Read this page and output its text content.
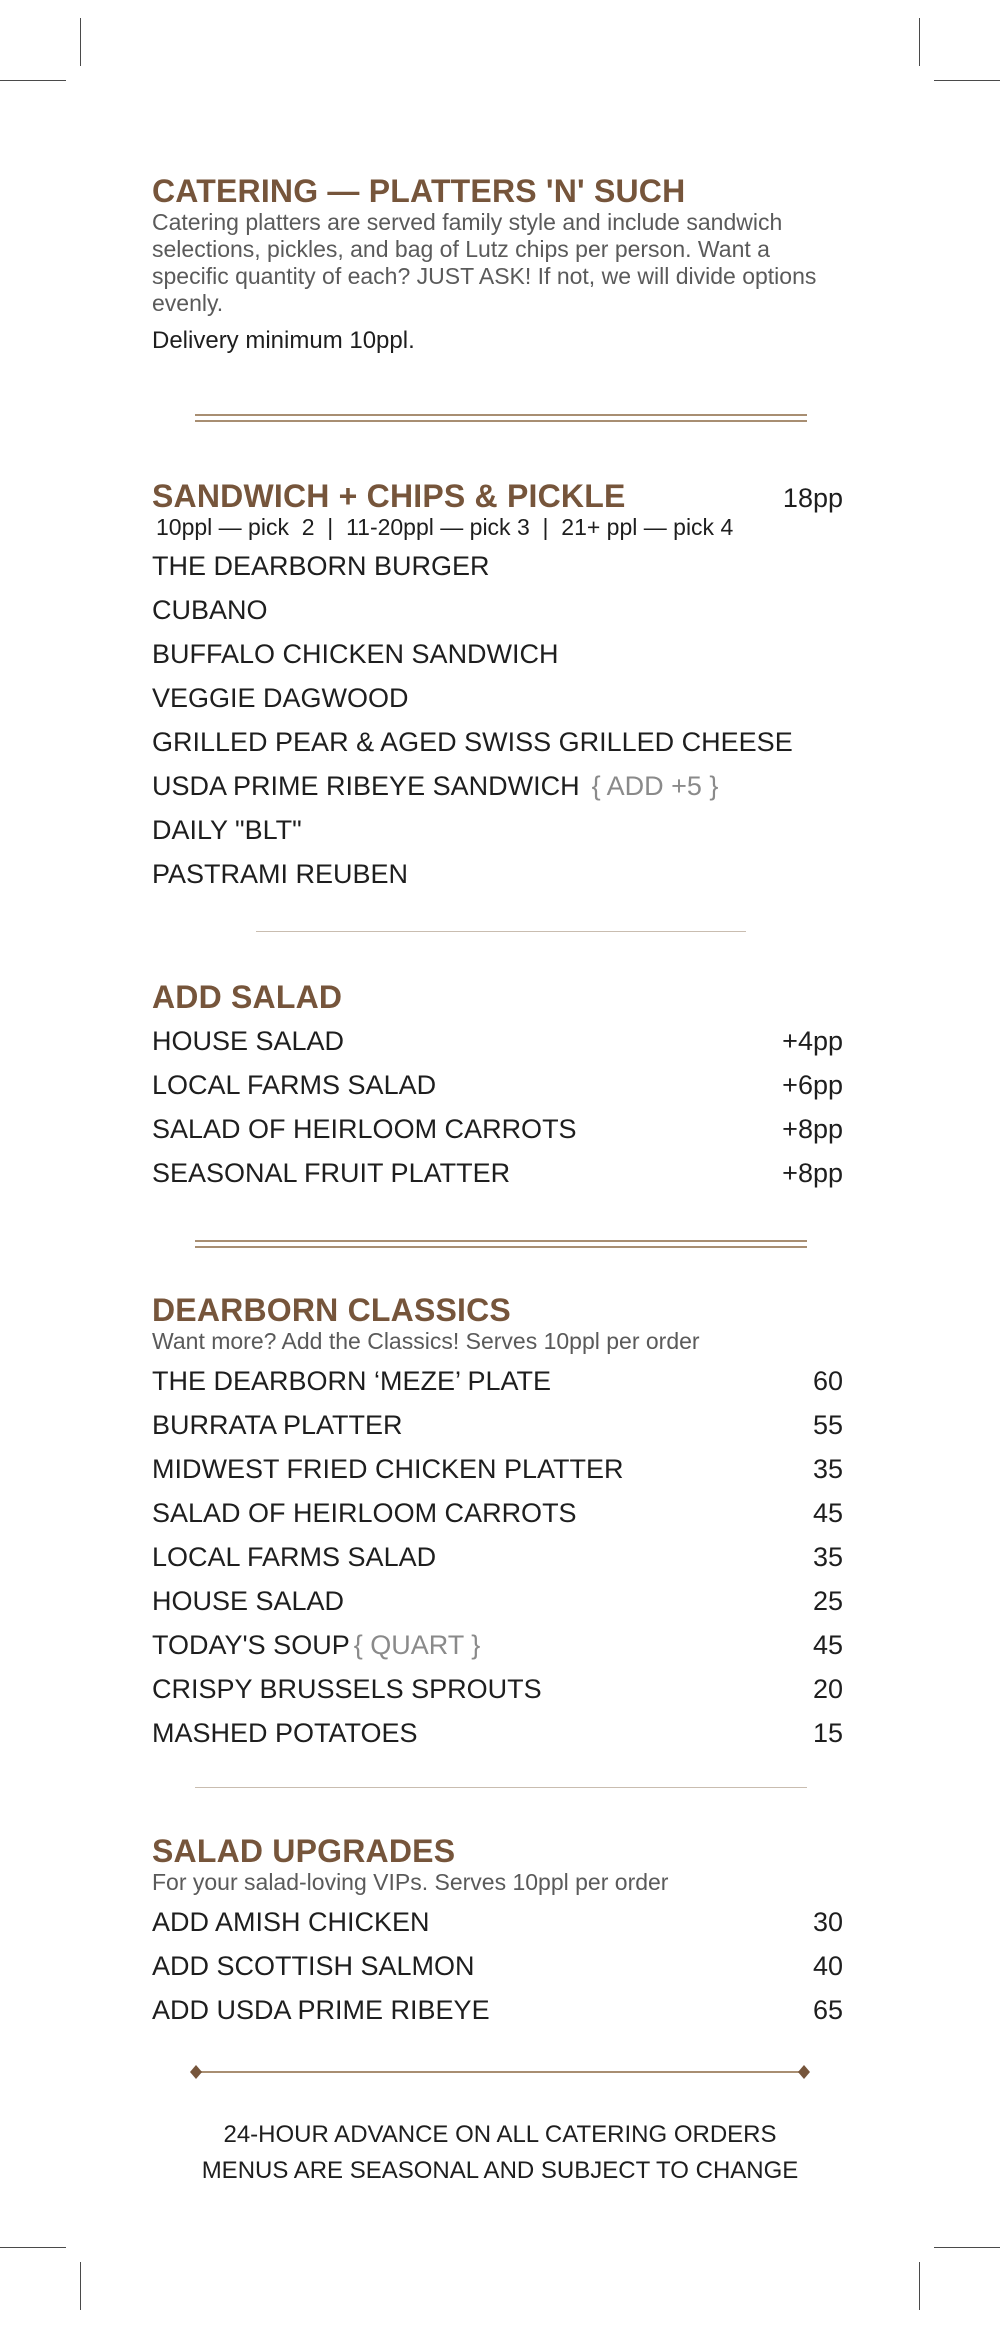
CATERING — PLATTERS 'N' SUCH
Catering platters are served family style and include sandwich selections, pickles, and bag of Lutz chips per person. Want a specific quantity of each? JUST ASK! If not, we will divide options evenly.
Delivery minimum 10ppl.
SANDWICH + CHIPS & PICKLE	18pp
10ppl — pick  2  |  11-20ppl — pick 3  |  21+ ppl — pick 4
THE DEARBORN BURGER
CUBANO
BUFFALO CHICKEN SANDWICH
VEGGIE DAGWOOD
GRILLED PEAR & AGED SWISS GRILLED CHEESE
USDA PRIME RIBEYE SANDWICH { ADD +5 }
DAILY "BLT"
PASTRAMI REUBEN
ADD SALAD
HOUSE SALAD	+4pp
LOCAL FARMS SALAD	+6pp
SALAD OF HEIRLOOM CARROTS	+8pp
SEASONAL FRUIT PLATTER	+8pp
DEARBORN CLASSICS
Want more? Add the Classics! Serves 10ppl per order
THE DEARBORN ‘MEZE’ PLATE	60
BURRATA PLATTER	55
MIDWEST FRIED CHICKEN PLATTER	35
SALAD OF HEIRLOOM CARROTS	45
LOCAL FARMS SALAD	35
HOUSE SALAD	25
TODAY'S SOUP { QUART }	45
CRISPY BRUSSELS SPROUTS	20
MASHED POTATOES	15
SALAD UPGRADES
For your salad-loving VIPs. Serves 10ppl per order
ADD AMISH CHICKEN	30
ADD SCOTTISH SALMON	40
ADD USDA PRIME RIBEYE	65
24-HOUR ADVANCE ON ALL CATERING ORDERS
MENUS ARE SEASONAL AND SUBJECT TO CHANGE
